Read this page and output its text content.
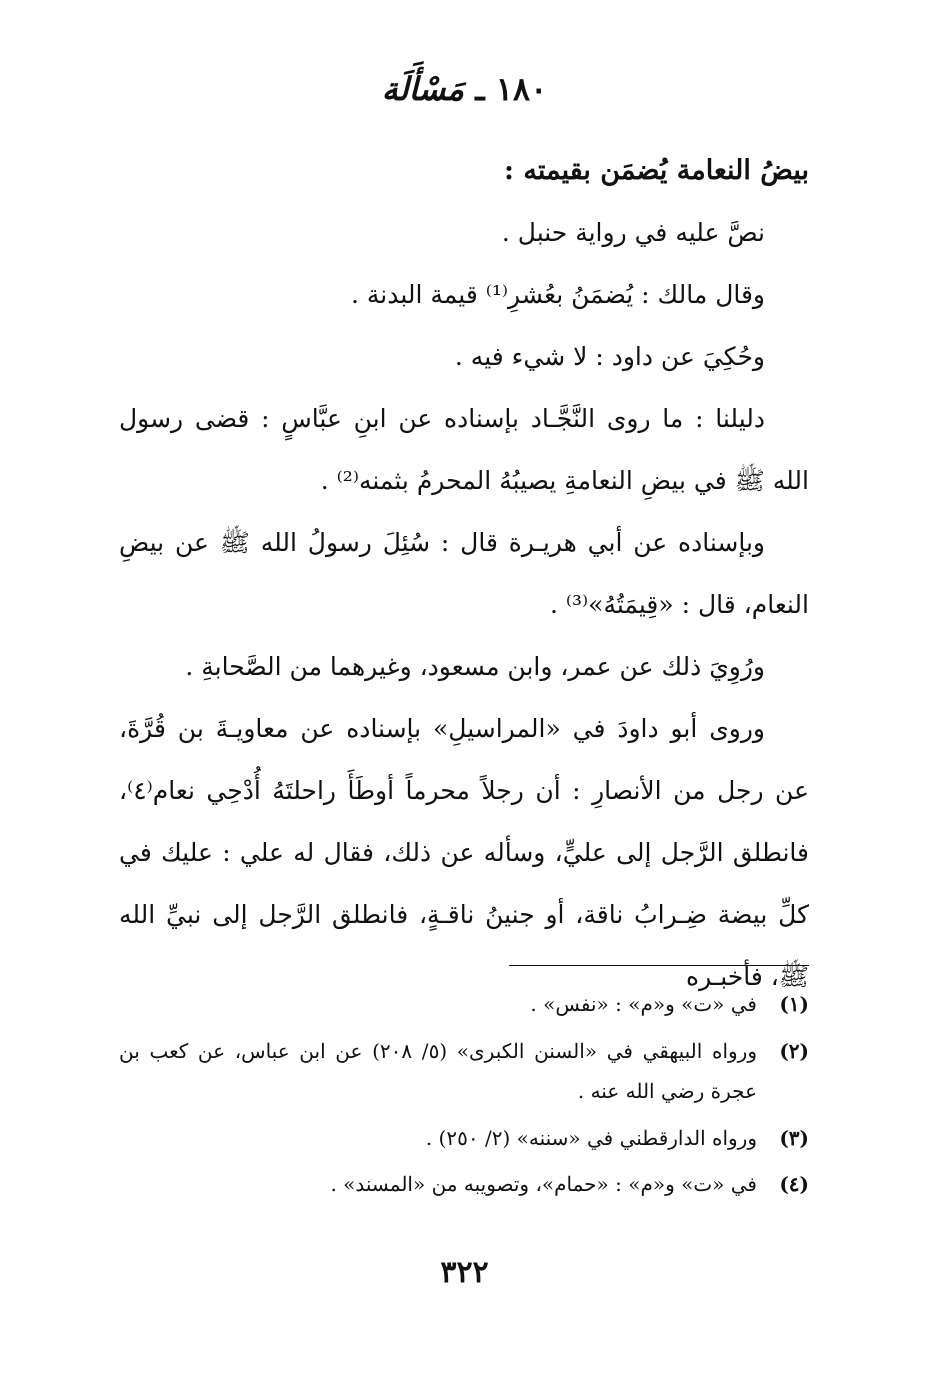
١٨٠ ـ مَسْأَلَة

بيضُ النعامة يُضمَن بقيمته :

نصَّ عليه في رواية حنبل .

وقال مالك : يُضمَنُ بعُشرِ⁽¹⁾ قيمة البدنة .

وحُكِيَ عن داود : لا شيء فيه .

دليلنا : ما روى النَّجَّـاد بإسناده عن ابنِ عبَّاسٍ : قضى رسول الله ﷺ في بيضِ النعامةِ يصيبُهُ المحرمُ بثمنه⁽²⁾ .

وبإسناده عن أبي هريـرة قال : سُئِلَ رسولُ الله ﷺ عن بيضِ النعام، قال : «قِيمَتُهُ»⁽³⁾ .

ورُوِيَ ذلك عن عمر، وابن مسعود، وغيرهما من الصَّحابةِ .

وروى أبو داودَ في «المراسيلِ» بإسناده عن معاويـةَ بن قُرَّةَ، عن رجل من الأنصارِ : أن رجلاً محرماً أوطَأَ راحلتَهُ أُدْحِي نعام⁽٤⁾، فانطلق الرَّجل إلى عليٍّ، وسأله عن ذلك، فقال له علي : عليك في كلِّ بيضة ضِـرابُ ناقة، أو جنينُ ناقـةٍ، فانطلق الرَّجل إلى نبيِّ الله ﷺ، فأخبـره

(١)
في «ت» و«م» : «نفس» .

(٢)
ورواه البيهقي في «السنن الكبرى» (٥/ ٢٠٨) عن ابن عباس، عن كعب بن عجرة رضي الله عنه .

(٣)
ورواه الدارقطني في «سننه» (٢/ ٢٥٠) .

(٤)
في «ت» و«م» : «حمام»، وتصويبه من «المسند» .

٣٢٢
